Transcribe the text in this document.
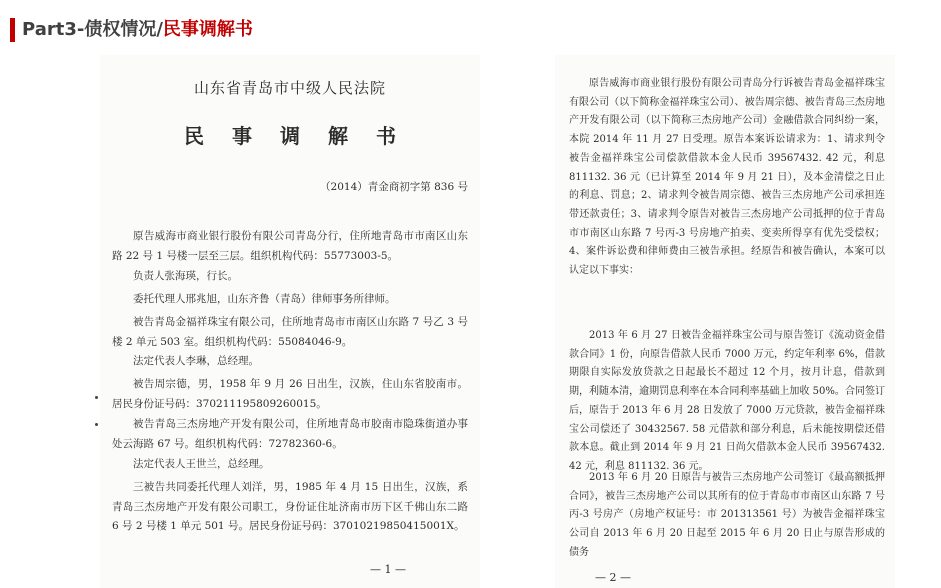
Part3-债权情况/民事调解书
山东省青岛市中级人民法院
民事调解书
（2014）青金商初字第 836 号
原告威海市商业银行股份有限公司青岛分行，住所地青岛市市南区山东路 22 号 1 号楼一层至三层。组织机构代码：55773003-5。
负责人张海瑛，行长。
委托代理人邢兆旭，山东齐鲁（青岛）律师事务所律师。
被告青岛金福祥珠宝有限公司，住所地青岛市市南区山东路 7 号乙 3 号楼 2 单元 503 室。组织机构代码：55084046-9。
法定代表人李琳，总经理。
被告周宗德，男，1958 年 9 月 26 日出生，汉族，住山东省胶南市。居民身份证号码：370211195809260015。
被告青岛三杰房地产开发有限公司，住所地青岛市胶南市隐珠街道办事处云海路 67 号。组织机构代码：72782360-6。
法定代表人王世兰，总经理。
三被告共同委托代理人刘洋，男，1985 年 4 月 15 日出生，汉族，系青岛三杰房地产开发有限公司职工，身份证住址济南市历下区千佛山东二路 6 号 2 号楼 1 单元 501 号。居民身份证号码：37010219850415001X。
— 1 —
原告威海市商业银行股份有限公司青岛分行诉被告青岛金福祥珠宝有限公司（以下简称金福祥珠宝公司）、被告周宗德、被告青岛三杰房地产开发有限公司（以下简称三杰房地产公司）金融借款合同纠纷一案，本院 2014 年 11 月 27 日受理。原告本案诉讼请求为：1、请求判令被告金福祥珠宝公司偿款借款本金人民币 39567432. 42 元，利息 811132. 36 元（已计算至 2014 年 9 月 21 日），及本金清偿之日止的利息、罚息；2、请求判令被告周宗德、被告三杰房地产公司承担连带还款责任；3、请求判令原告对被告三杰房地产公司抵押的位于青岛市市南区山东路 7 号丙-3 号房地产拍卖、变卖所得享有优先受偿权；4、案件诉讼费和律师费由三被告承担。经原告和被告确认，本案可以认定以下事实：
2013 年 6 月 27 日被告金福祥珠宝公司与原告签订《流动资金借款合同》1 份，向原告借款人民币 7000 万元，约定年利率 6%，借款期限自实际发放贷款之日起最长不超过 12 个月，按月计息，借款到期，利随本清，逾期罚息利率在本合同利率基础上加收 50%。合同签订后，原告于 2013 年 6 月 28 日发放了 7000 万元贷款，被告金福祥珠宝公司偿还了 30432567. 58 元借款和部分利息，后未能按期偿还借款本息。截止到 2014 年 9 月 21 日尚欠借款本金人民币 39567432. 42 元，利息 811132. 36 元。
2013 年 6 月 20 日原告与被告三杰房地产公司签订《最高额抵押合同》，被告三杰房地产公司以其所有的位于青岛市市南区山东路 7 号丙-3 号房产（房地产权证号：市 201313561 号）为被告金福祥珠宝公司自 2013 年 6 月 20 日起至 2015 年 6 月 20 日止与原告形成的债务
— 2 —
